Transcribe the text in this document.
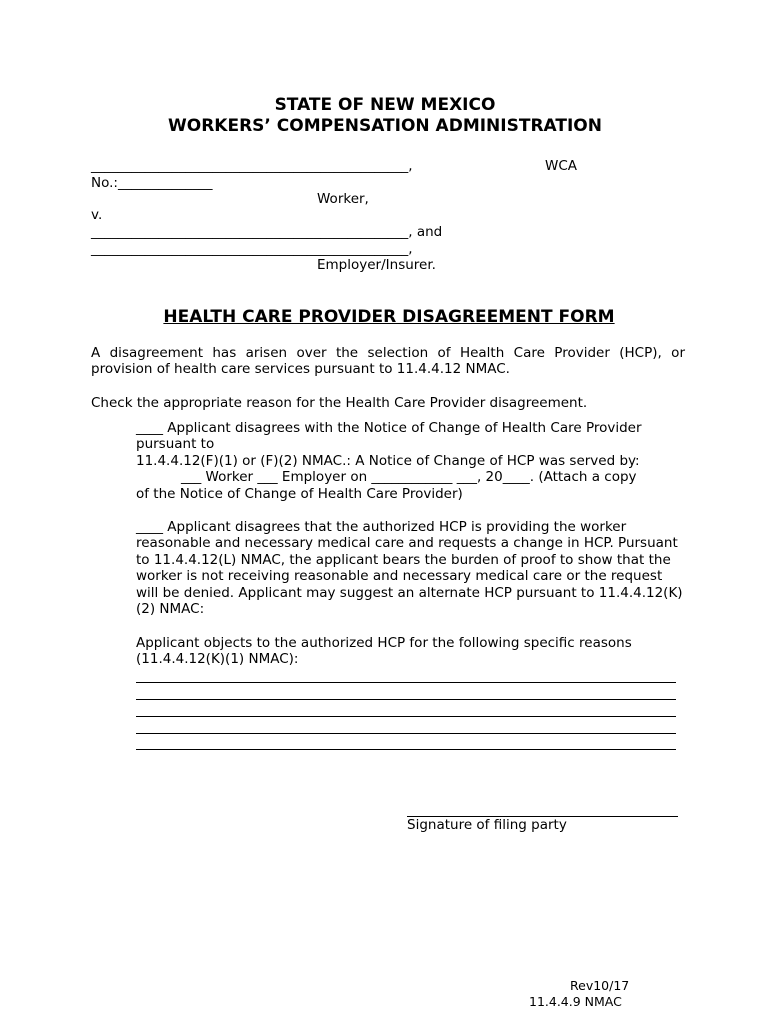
STATE OF NEW MEXICO
WORKERS’ COMPENSATION ADMINISTRATION
_______________________________________________,	WCA
No.:______________
Worker,
v.
_______________________________________________, and
_______________________________________________,
Employer/Insurer.
HEALTH CARE PROVIDER DISAGREEMENT FORM
A disagreement has arisen over the selection of Health Care Provider (HCP), or
provision of health care services pursuant to 11.4.4.12 NMAC.
Check the appropriate reason for the Health Care Provider disagreement.
____ Applicant disagrees with the Notice of Change of Health Care Provider
pursuant to
11.4.4.12(F)(1) or (F)(2) NMAC.: A Notice of Change of HCP was served by:
___ Worker ___ Employer on ____________ ___, 20____. (Attach a copy
of the Notice of Change of Health Care Provider)
____ Applicant disagrees that the authorized HCP is providing the worker
reasonable and necessary medical care and requests a change in HCP. Pursuant
to 11.4.4.12(L) NMAC, the applicant bears the burden of proof to show that the
worker is not receiving reasonable and necessary medical care or the request
will be denied. Applicant may suggest an alternate HCP pursuant to 11.4.4.12(K)
(2) NMAC:
Applicant objects to the authorized HCP for the following specific reasons
(11.4.4.12(K)(1) NMAC):
Signature of filing party
Rev10/17
11.4.4.9 NMAC
